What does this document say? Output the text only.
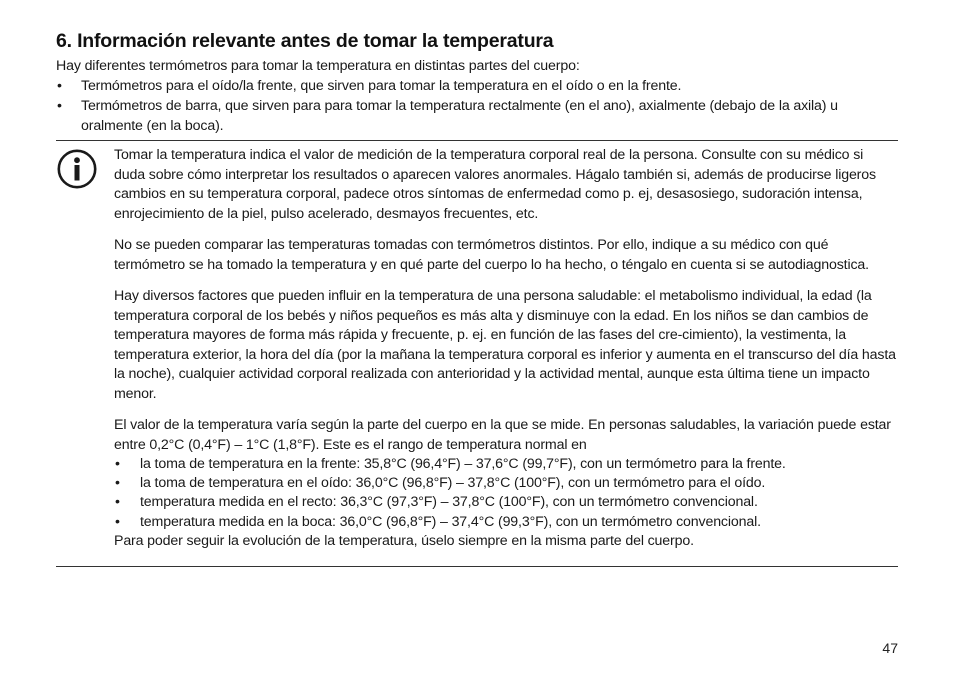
6. Información relevante antes de tomar la temperatura

Hay diferentes termómetros para tomar la temperatura en distintas partes del cuerpo:

• Termómetros para el oído/la frente, que sirven para tomar la temperatura en el oído o en la frente.
• Termómetros de barra, que sirven para para tomar la temperatura rectalmente (en el ano), axialmente (debajo de la axila) u oralmente (en la boca).

Tomar la temperatura indica el valor de medición de la temperatura corporal real de la persona. Consulte con su médico si duda sobre cómo interpretar los resultados o aparecen valores anormales. Hágalo también si, además de producirse ligeros cambios en su temperatura corporal, padece otros síntomas de enfermedad como p. ej, desasosiego, sudoración intensa, enrojecimiento de la piel, pulso acelerado, desmayos frecuentes, etc.

No se pueden comparar las temperaturas tomadas con termómetros distintos. Por ello, indique a su médico con qué termómetro se ha tomado la temperatura y en qué parte del cuerpo lo ha hecho, o téngalo en cuenta si se autodiagnostica.

Hay diversos factores que pueden influir en la temperatura de una persona saludable: el metabolismo individual, la edad (la temperatura corporal de los bebés y niños pequeños es más alta y disminuye con la edad. En los niños se dan cambios de temperatura mayores de forma más rápida y frecuente, p. ej. en función de las fases del cre-cimiento), la vestimenta, la temperatura exterior, la hora del día (por la mañana la temperatura corporal es inferior y aumenta en el transcurso del día hasta la noche), cualquier actividad corporal realizada con anterioridad y la actividad mental, aunque esta última tiene un impacto menor.

El valor de la temperatura varía según la parte del cuerpo en la que se mide. En personas saludables, la variación puede estar entre 0,2°C (0,4°F) – 1°C (1,8°F). Este es el rango de temperatura normal en

• la toma de temperatura en la frente: 35,8°C (96,4°F) – 37,6°C (99,7°F), con un termómetro para la frente.
• la toma de temperatura en el oído: 36,0°C (96,8°F) – 37,8°C (100°F), con un termómetro para el oído.
• temperatura medida en el recto: 36,3°C (97,3°F) – 37,8°C (100°F), con un termómetro convencional.
• temperatura medida en la boca: 36,0°C (96,8°F) – 37,4°C (99,3°F), con un termómetro convencional.

Para poder seguir la evolución de la temperatura, úselo siempre en la misma parte del cuerpo.

47
